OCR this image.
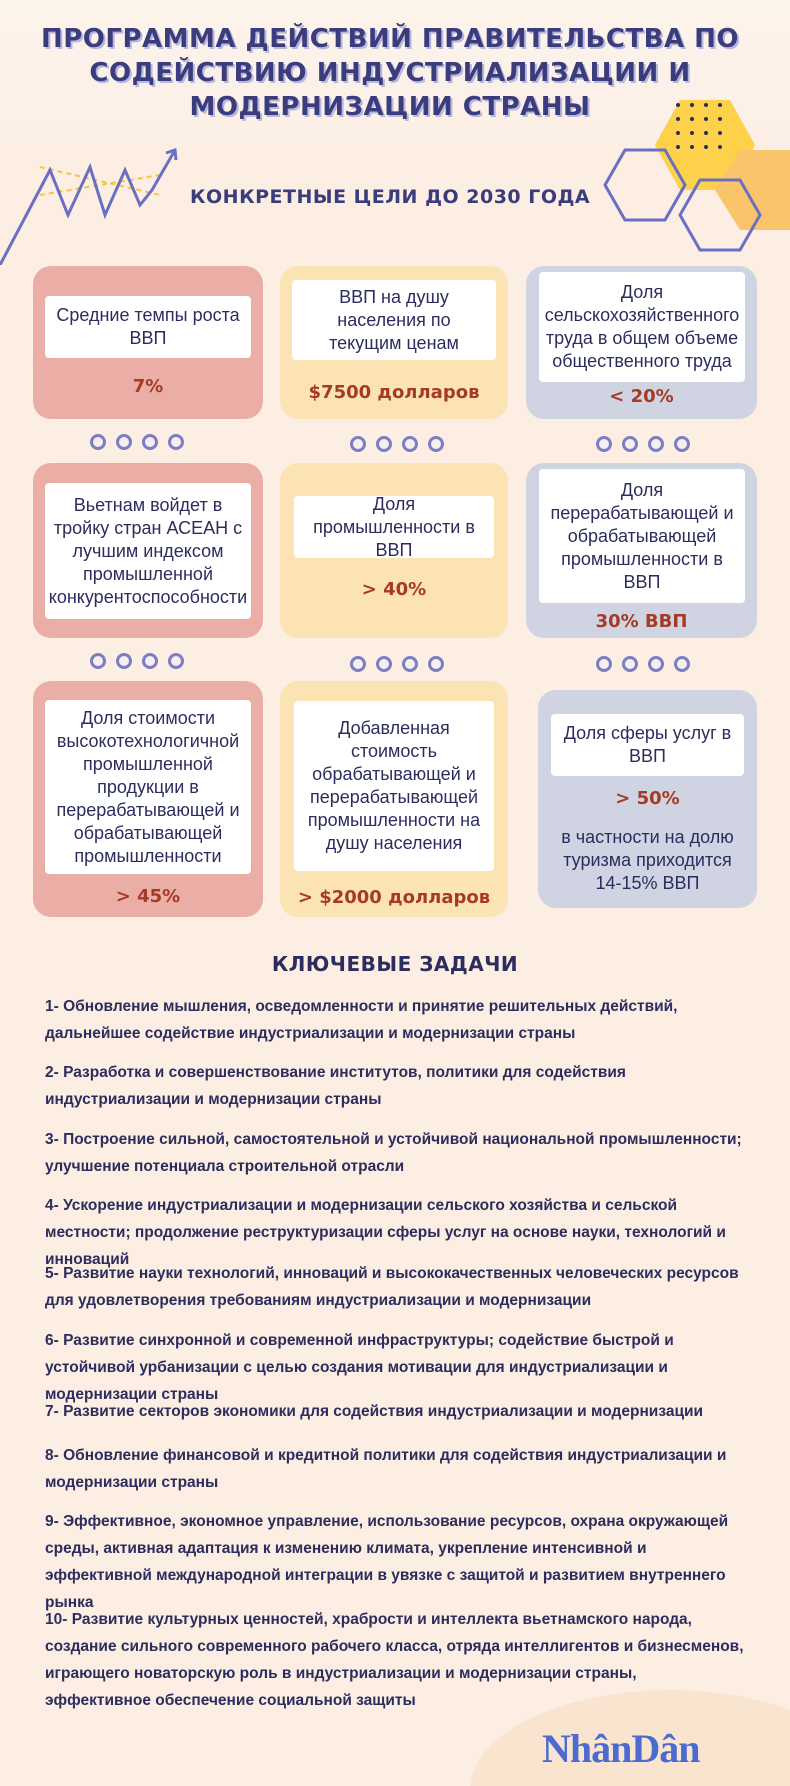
ПРОГРАММА ДЕЙСТВИЙ ПРАВИТЕЛЬСТВА ПО
СОДЕЙСТВИЮ ИНДУСТРИАЛИЗАЦИИ И
МОДЕРНИЗАЦИИ СТРАНЫ
КОНКРЕТНЫЕ ЦЕЛИ ДО 2030 ГОДА
Средние темпы роста ВВП
7%
ВВП на душу населения по текущим ценам
$7500 долларов
Доля сельскохозяйственного труда в общем объеме общественного труда
< 20%
Вьетнам войдет в тройку стран АСЕАН с лучшим индексом промышленной конкурентоспособности
Доля промышленности в ВВП
> 40%
Доля перерабатывающей и обрабатывающей промышленности в ВВП
30% ВВП
Доля стоимости высокотехнологичной промышленной продукции в перерабатывающей и обрабатывающей промышленности
> 45%
Добавленная стоимость обрабатывающей и перерабатывающей промышленности на душу населения
> $2000 долларов
Доля сферы услуг в ВВП
> 50%
в частности на долю туризма приходится 14-15% ВВП
КЛЮЧЕВЫЕ ЗАДАЧИ
1- Обновление мышления, осведомленности и принятие решительных действий, дальнейшее содействие индустриализации и модернизации страны
2- Разработка и совершенствование институтов, политики для содействия индустриализации и модернизации страны
3- Построение сильной, самостоятельной и устойчивой национальной промышленности; улучшение потенциала строительной отрасли
4- Ускорение индустриализации и модернизации сельского хозяйства и сельской местности; продолжение реструктуризации сферы услуг на основе науки, технологий и инноваций
5- Развитие науки технологий, инноваций и высококачественных человеческих ресурсов для удовлетворения требованиям индустриализации и модернизации
6- Развитие синхронной и современной инфраструктуры; содействие быстрой и устойчивой урбанизации с целью создания мотивации для индустриализации и модернизации страны
7- Развитие секторов экономики для содействия индустриализации и модернизации
8- Обновление финансовой и кредитной политики для содействия индустриализации и модернизации страны
9- Эффективное, экономное управление, использование ресурсов, охрана окружающей среды, активная адаптация к изменению климата, укрепление интенсивной и эффективной международной интеграции в увязке с защитой и развитием внутреннего рынка
10- Развитие культурных ценностей, храбрости и интеллекта вьетнамского народа, создание сильного современного рабочего класса, отряда интеллигентов и бизнесменов, играющего новаторскую роль в индустриализации и модернизации страны, эффективное обеспечение социальной защиты
NhânDân
